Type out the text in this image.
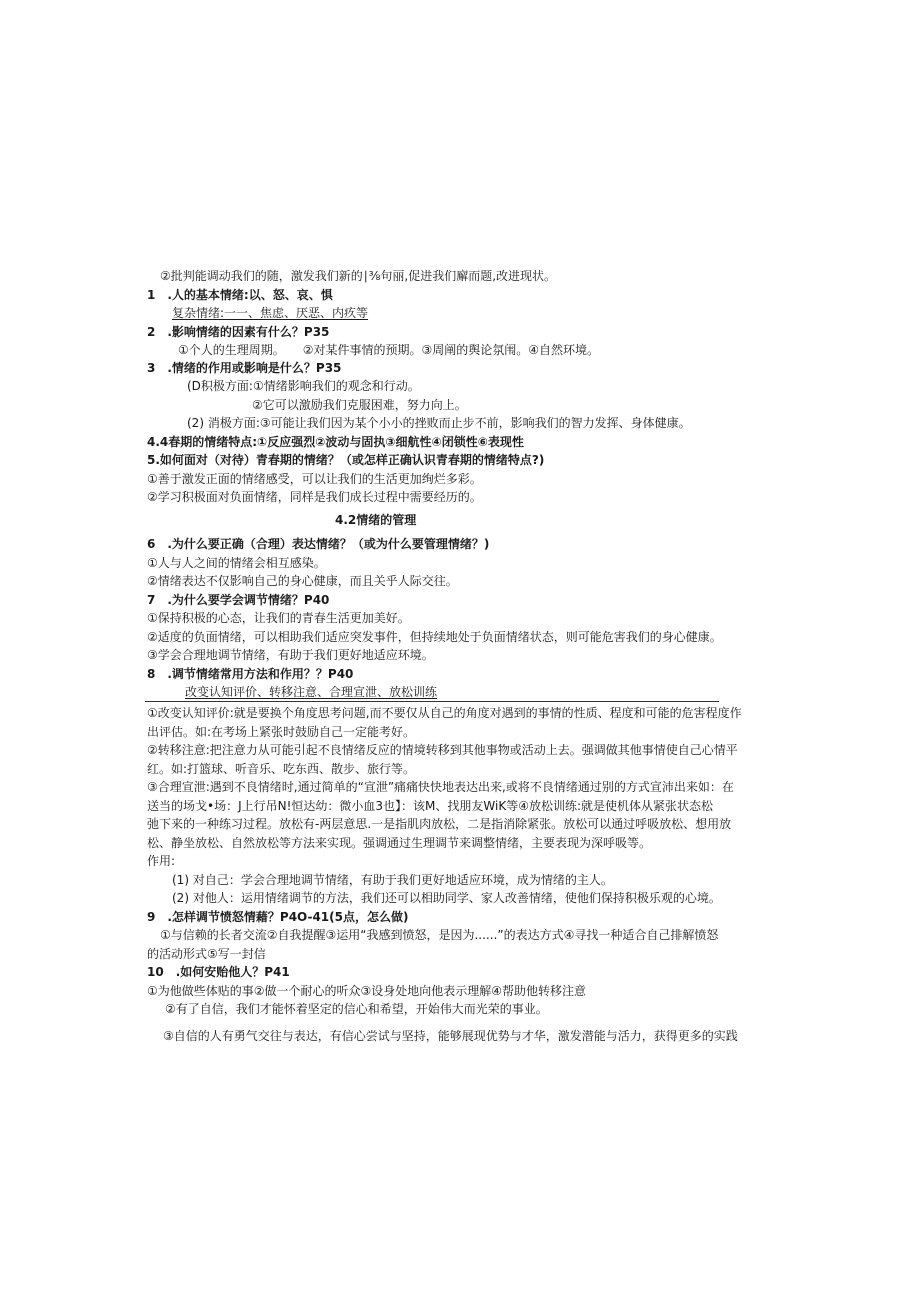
②批判能调动我们的随，激发我们新的∣⅜句丽,促进我们廨而题,改进现状。
1　.人的基本情绪:以、怒、哀、惧
复杂情绪:一一、焦虑、厌恶、内疚等
2　.影响情绪的因素有什么？P35
①个人的生理周期。　　②对某件事情的预期。③周阐的舆论氛闱。④自然环境。
3　.情绪的作用或影响是什么？P35
(D积极方面:①情绪影响我们的观念和行动。
②它可以激励我们克服困难，努力向上。
(2) 消极方面:③可能让我们因为某个小小的挫败而止步不前，影响我们的智力发挥、身体健康。
4.4春期的情绪特点:①反应强烈②波动与固执③细航性④闭锁性⑥表现性
5.如何面对（对待）青春期的情绪？（或怎样正确认识青春期的情绪特点?)
①善于激发正面的情绪感受，可以让我们的生活更加绚烂多彩。
②学习积极面对负面情绪，同样是我们成长过程中需要经历的。
4.2情绪的管理
6　.为什么要正确（合理）表达情绪？（或为什么要管理情绪？)
①人与人之间的情绪会相互感染。
②情绪表达不仅影响自己的身心健康，而且关乎人际交往。
7　.为什么要学会调节情绪？P40
①保持积极的心态，让我们的青春生活更加美好。
②适度的负面情绪，可以相助我们适应突发事件，但持续地处于负面情绪状态，则可能危害我们的身心健康。
③学会合理地调节情绪，有助于我们更好地适应环境。
8　.调节情绪常用方法和作用？？P40
改变认知评价、转移注意、合理宣泄、放松训练
①改变认知评价:就是要换个角度思考问题,而不要仅从自己的角度对遇到的事情的性质、程度和可能的危害程度作
出评估。如:在考场上紧张时鼓励自己一定能考好。
②转移注意:把注意力从可能引起不良情绪反应的情境转移到其他事物或活动上去。强调做其他事情使自己心情平
红。如:打篮球、听音乐、吃东西、散步、旅行等。
③合理宣泄:遇到不良情绪时,通过简单的“宣泄”痛痛快快地表达出来,或将不良情绪通过别的方式宣沛出来如：在
送当的场戈•场：J上行吊N!恒达幼：微小血3也】：该M、找朋友WiK等④放松训练:就是使机体从紧张状态松
弛下来的一种练习过程。放松有-两层意思.一是指肌肉放松，二是指消除紧张。放松可以通过呼吸放松、想用放
松、静坐放松、自然放松等方法来实现。强调通过生理调节来调整情绪，主要表现为深呼吸等。
作用:
(1) 对自己：学会合理地调节情绪，有助于我们更好地适应环境，成为情绪的主人。
(2) 对他人：运用情绪调节的方法，我们还可以相助同学、家人改善情绪，使他们保持积极乐观的心境。
9　.怎样调节愤怒情藉？P4O-41(5点，怎么做)
①与信赖的长者交流②自我提醒③运用“我感到愤怒，是因为......”的表达方式④寻找一种适合自己排解愤怒
的活动形式⑤写一封信
10　.如何安贻他人？P41
①为他做些体贴的事②做一个耐心的听众③设身处地向他表示理解④帮助他转移注意
②有了自信，我们才能怀着坚定的信心和希望，开始伟大而光荣的事业。
③自信的人有勇气交往与表达，有信心尝试与坚持，能够展现优势与才华，激发潜能与活力，获得更多的实践
